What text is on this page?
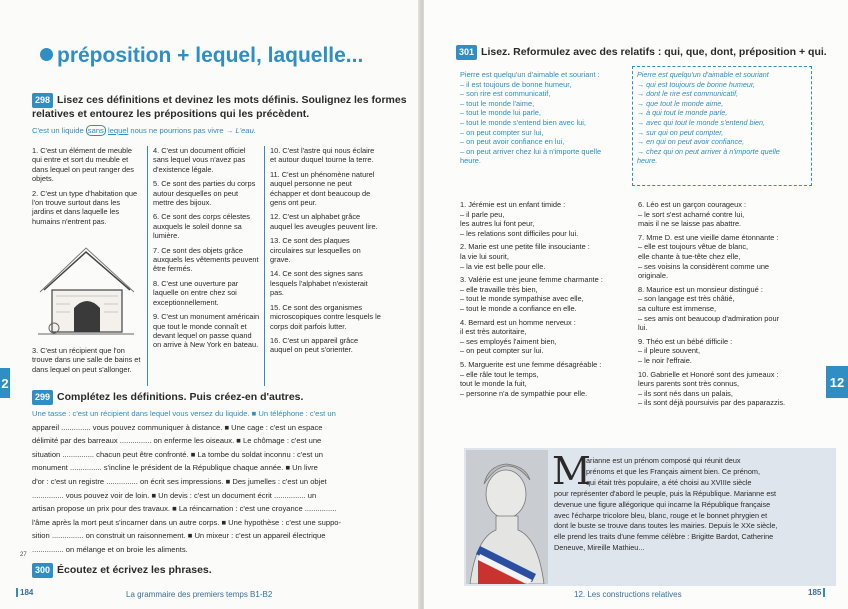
préposition + lequel, laquelle...
298 Lisez ces définitions et devinez les mots définis. Soulignez les formes
relatives et entourez les prépositions qui les précèdent.
C'est un liquide sans lequel nous ne pourrions pas vivre → L'eau.

1. C'est un élément de meuble qui entre et sort du meuble et dans lequel on peut ranger des objets.

2. C'est un type d'habitation que l'on trouve surtout dans les jardins et dans laquelle les humains n'entrent pas.

3. C'est un récipient que l'on trouve dans une salle de bains et dans lequel on peut s'allonger.

4. C'est un document officiel sans lequel vous n'avez pas d'existence légale.

5. Ce sont des parties du corps autour desquelles on peut mettre des bijoux.

6. Ce sont des corps célestes auxquels le soleil donne sa lumière.

7. Ce sont des objets grâce auxquels les vêtements peuvent être fermés.

8. C'est une ouverture par laquelle on entre chez soi exceptionnellement.

9. C'est un monument américain que tout le monde connaît et devant lequel on passe quand on arrive à New York en bateau.

10. C'est l'astre qui nous éclaire et autour duquel tourne la terre.

11. C'est un phénomène naturel auquel personne ne peut échapper et dont beaucoup de gens ont peur.

12. C'est un alphabet grâce auquel les aveugles peuvent lire.

13. Ce sont des plaques circulaires sur lesquelles on grave.

14. Ce sont des signes sans lesquels l'alphabet n'existerait pas.

15. Ce sont des organismes microscopiques contre lesquels le corps doit parfois lutter.

16. C'est un appareil grâce auquel on peut s'orienter.

299 Complétez les définitions. Puis créez-en d'autres.
Une tasse : c'est un récipient dans lequel vous versez du liquide. ■ Un téléphone : c'est un
appareil .............. vous pouvez communiquer à distance. ■ Une cage : c'est un espace
délimité par des barreaux ............... on enferme les oiseaux. ■ Le chômage : c'est une
situation ............... chacun peut être confronté. ■ La tombe du soldat inconnu : c'est un
monument ............... s'incline le président de la République chaque année. ■ Un livre
d'or : c'est un registre ............... on écrit ses impressions. ■ Des jumelles : c'est un objet
............... vous pouvez voir de loin. ■ Un devis : c'est un document écrit ............... un
artisan propose un prix pour des travaux. ■ La réincarnation : c'est une croyance ...............
l'âme après la mort peut s'incarner dans un autre corps. ■ Une hypothèse : c'est une suppo-
sition ............... on construit un raisonnement. ■ Un mixeur : c'est un appareil électrique
............... on mélange et on broie les aliments.
27
300 Écoutez et écrivez les phrases.
2
184	La grammaire des premiers temps B1-B2
301 Lisez. Reformulez avec des relatifs : qui, que, dont, préposition + qui.

Pierre est quelqu'un d'aimable et souriant :

– il est toujours de bonne humeur,

– son rire est communicatif,

– tout le monde l'aime,

– tout le monde lui parle,

– tout le monde s'entend bien avec lui,

– on peut compter sur lui,

– on peut avoir confiance en lui,

– on peut arriver chez lui à n'importe quelle

heure.

Pierre est quelqu'un d'aimable et souriant

→ qui est toujours de bonne humeur,

→ dont le rire est communicatif,

→ que tout le monde aime,

→ à qui tout le monde parle,

→ avec qui tout le monde s'entend bien,

→ sur qui on peut compter,

→ en qui on peut avoir confiance,

→ chez qui on peut arriver à n'importe quelle

heure.

1. Jérémie est un enfant timide :

– il parle peu,

les autres lui font peur,

– les relations sont difficiles pour lui.

2. Marie est une petite fille insouciante :

la vie lui sourit,

– la vie est belle pour elle.

3. Valérie est une jeune femme charmante :

– elle travaille très bien,

– tout le monde sympathise avec elle,

– tout le monde a confiance en elle.

4. Bernard est un homme nerveux :

il est très autoritaire,

– ses employés l'aiment bien,

– on peut compter sur lui.

5. Marguerite est une femme désagréable :

– elle râle tout le temps,

tout le monde la fuit,

– personne n'a de sympathie pour elle.

6. Léo est un garçon courageux :

– le sort s'est acharné contre lui,

mais il ne se laisse pas abattre.

7. Mme D. est une vieille dame étonnante :

– elle est toujours vêtue de blanc,

elle chante à tue-tête chez elle,

– ses voisins la considèrent comme une

originale.

8. Maurice est un monsieur distingué :

– son langage est très châtié,

sa culture est immense,

– ses amis ont beaucoup d'admiration pour

lui.

9. Théo est un bébé difficile :

– il pleure souvent,

– le noir l'effraie.

10. Gabrielle et Honoré sont des jumeaux :

leurs parents sont très connus,

– ils sont nés dans un palais,

– ils sont déjà poursuivis par des paparazzis.

M
arianne est un prénom composé qui réunit deux
prénoms et que les Français aiment bien. Ce prénom,
qui était très populaire, a été choisi au XVIIIe siècle
pour représenter d'abord le peuple, puis la République. Marianne est
devenue une figure allégorique qui incarne la République française
avec l'écharpe tricolore bleu, blanc, rouge et le bonnet phrygien et
dont le buste se trouve dans toutes les mairies. Depuis le XXe siècle,
elle prend les traits d'une femme célèbre : Brigitte Bardot, Catherine
Deneuve, Mireille Mathieu...
12
12. Les constructions relatives	185
